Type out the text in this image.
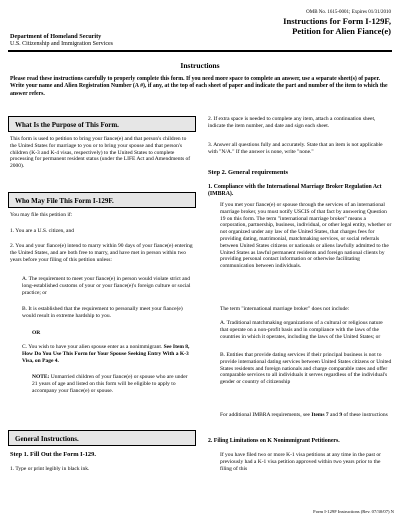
OMB No. 1615-0001; Expires 01/31/2010
Instructions for Form I-129F,
Petition for Alien Fiance(e)
Department of Homeland Security
U.S. Citizenship and Immigration Services
Instructions
Please read these instructions carefully to properly complete this form. If you need more space to complete an answer, use a separate sheet(s) of paper. Write your name and Alien Registration Number (A #), if any, at the top of each sheet of paper and indicate the part and number of the item to which the answer refers.
What Is the Purpose of This Form.
This form is used to petition to bring your fiance(e) and that person's children to the United States for marriage to you or to bring your spouse and that person's children (K-3 and K-4 visas, respectively) to the United States to complete processing for permanent resident status (under the LIFE Act and Amendments of 2000).
Who May File This Form I-129F.
You may file this petition if:
1. You are a U.S. citizen, and
2. You and your fiance(e) intend to marry within 90 days of your fiance(e) entering the United States, and are both free to marry, and have met in person within two years before your filing of this petition unless:
A. The requirement to meet your fiance(e) in person would violate strict and long-established customs of your or your fiance(e)'s foreign culture or social practice; or
B. It is established that the requirement to personally meet your fiance(e) would result in extreme hardship to you.
OR
C. You wish to have your alien spouse enter as a nonimmigrant. See Item 8, How Do You Use This Form for Your Spouse Seeking Entry With a K-3 Visa, on Page 4.
NOTE: Unmarried children of your fiance(e) or spouse who are under 21 years of age and listed on this form will be eligible to apply to accompany your fiance(e) or spouse.
General Instructions.
Step 1. Fill Out the Form I-129.
1. Type or print legibly in black ink.
2. If extra space is needed to complete any item, attach a continuation sheet, indicate the item number, and date and sign each sheet.
3. Answer all questions fully and accurately. State that an item is not applicable with "N/A." If the answer is none, write "none."
Step 2. General requirements
1. Compliance with the International Marriage Broker Regulation Act (IMBRA).
If you met your fiance(e) or spouse through the services of an international marriage broker, you must notify USCIS of that fact by answering Question 19 on this form. The term "international marriage broker" means a corporation, partnership, business, individual, or other legal entity, whether or not organized under any law of the United States, that charges fees for providing dating, matrimonial, matchmaking services, or social referrals between United States citizens or nationals or aliens lawfully admitted to the United States as lawful permanent residents and foreign national clients by providing personal contact information or otherwise facilitating communication between individuals.
The term "international marriage broker" does not include:
A. Traditional matchmaking organizations of a cultural or religious nature that operate on a non-profit basis and in compliance with the laws of the countries in which it operates, including the laws of the United States; or
B. Entities that provide dating services if their principal business is not to provide international dating services between United States citizens or United States residents and foreign nationals and charge comparable rates and offer comparable services to all individuals it serves regardless of the individual's gender or country of citizenship
For additional IMBRA requirements, see Items 7 and 9 of these instructions
2. Filing Limitations on K Nonimmigrant Petitioners.
If you have filed two or more K-1 visa petitions at any time in the past or previously had a K-1 visa petition approved within two years prior to the filing of this
Form I-129F Instructions (Rev. 07/30/07) N
